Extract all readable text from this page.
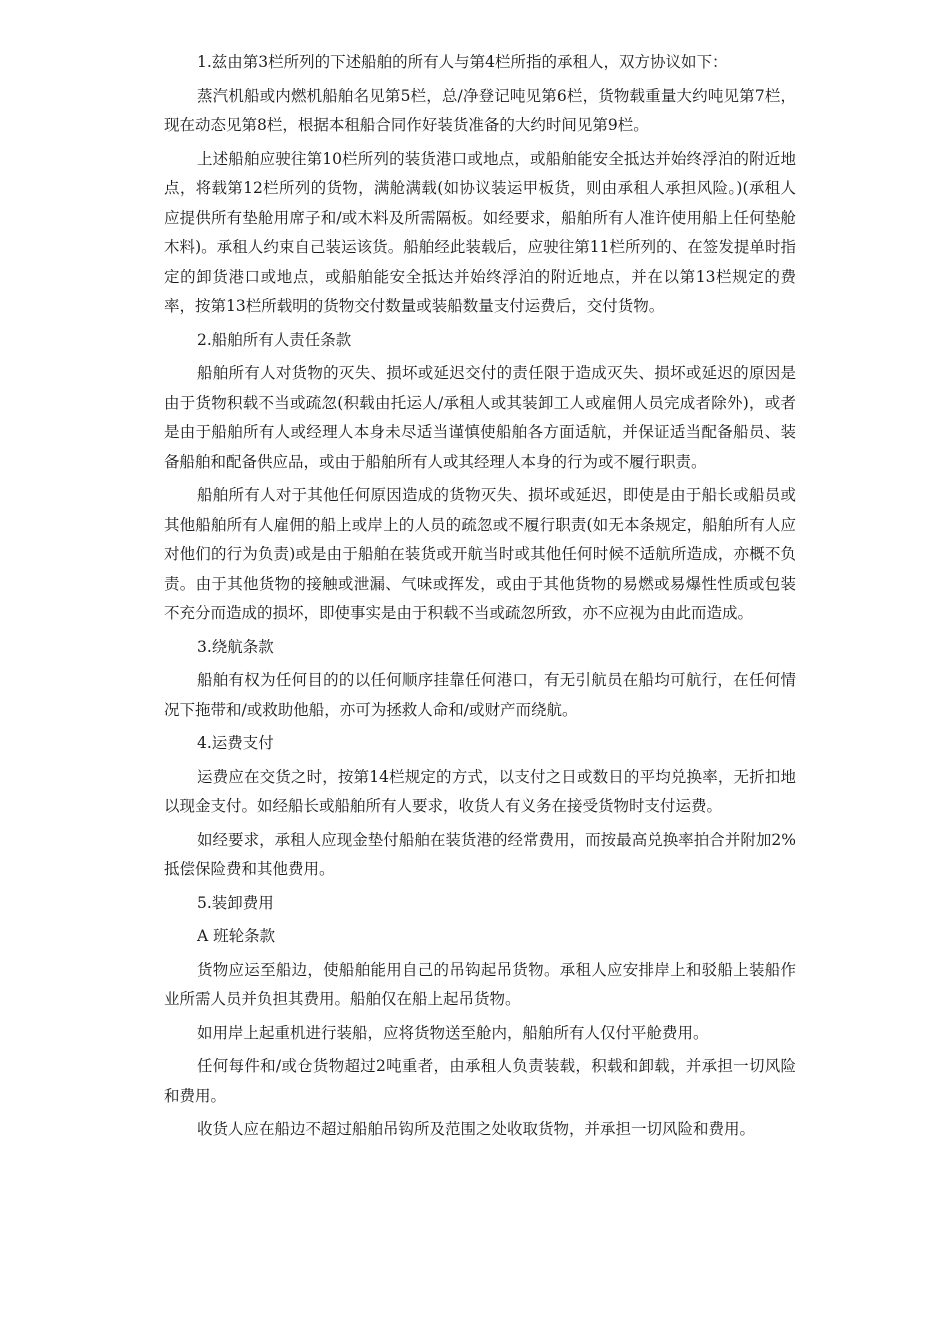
1.兹由第3栏所列的下述船舶的所有人与第4栏所指的承租人，双方协议如下：

蒸汽机船或内燃机船舶名见第5栏，总/净登记吨见第6栏，货物载重量大约吨见第7栏，现在动态见第8栏，根据本租船合同作好装货准备的大约时间见第9栏。

上述船舶应驶往第10栏所列的装货港口或地点，或船舶能安全抵达并始终浮泊的附近地点，将载第12栏所列的货物，满舱满载(如协议装运甲板货，则由承租人承担风险。)(承租人应提供所有垫舱用席子和/或木料及所需隔板。如经要求，船舶所有人准许使用船上任何垫舱木料)。承租人约束自己装运该货。船舶经此装载后，应驶往第11栏所列的、在签发提单时指定的卸货港口或地点，或船舶能安全抵达并始终浮泊的附近地点，并在以第13栏规定的费率，按第13栏所载明的货物交付数量或装船数量支付运费后，交付货物。

2.船舶所有人责任条款

船舶所有人对货物的灭失、损坏或延迟交付的责任限于造成灭失、损坏或延迟的原因是由于货物积载不当或疏忽(积载由托运人/承租人或其装卸工人或雇佣人员完成者除外)，或者是由于船舶所有人或经理人本身未尽适当谨慎使船舶各方面适航，并保证适当配备船员、装备船舶和配备供应品，或由于船舶所有人或其经理人本身的行为或不履行职责。

船舶所有人对于其他任何原因造成的货物灭失、损坏或延迟，即使是由于船长或船员或其他船舶所有人雇佣的船上或岸上的人员的疏忽或不履行职责(如无本条规定，船舶所有人应对他们的行为负责)或是由于船舶在装货或开航当时或其他任何时候不适航所造成，亦概不负责。由于其他货物的接触或泄漏、气味或挥发，或由于其他货物的易燃或易爆性性质或包装不充分而造成的损坏，即使事实是由于积载不当或疏忽所致，亦不应视为由此而造成。

3.绕航条款

船舶有权为任何目的的以任何顺序挂靠任何港口，有无引航员在船均可航行，在任何情况下拖带和/或救助他船，亦可为拯救人命和/或财产而绕航。

4.运费支付

运费应在交货之时，按第14栏规定的方式，以支付之日或数日的平均兑换率，无折扣地以现金支付。如经船长或船舶所有人要求，收货人有义务在接受货物时支付运费。

如经要求，承租人应现金垫付船舶在装货港的经常费用，而按最高兑换率拍合并附加2%抵偿保险费和其他费用。

5.装卸费用

A 班轮条款

货物应运至船边，使船舶能用自己的吊钩起吊货物。承租人应安排岸上和驳船上装船作业所需人员并负担其费用。船舶仅在船上起吊货物。

如用岸上起重机进行装船，应将货物送至舱内，船舶所有人仅付平舱费用。

任何每件和/或仓货物超过2吨重者，由承租人负责装载，积载和卸载，并承担一切风险和费用。

收货人应在船边不超过船舶吊钩所及范围之处收取货物，并承担一切风险和费用。
